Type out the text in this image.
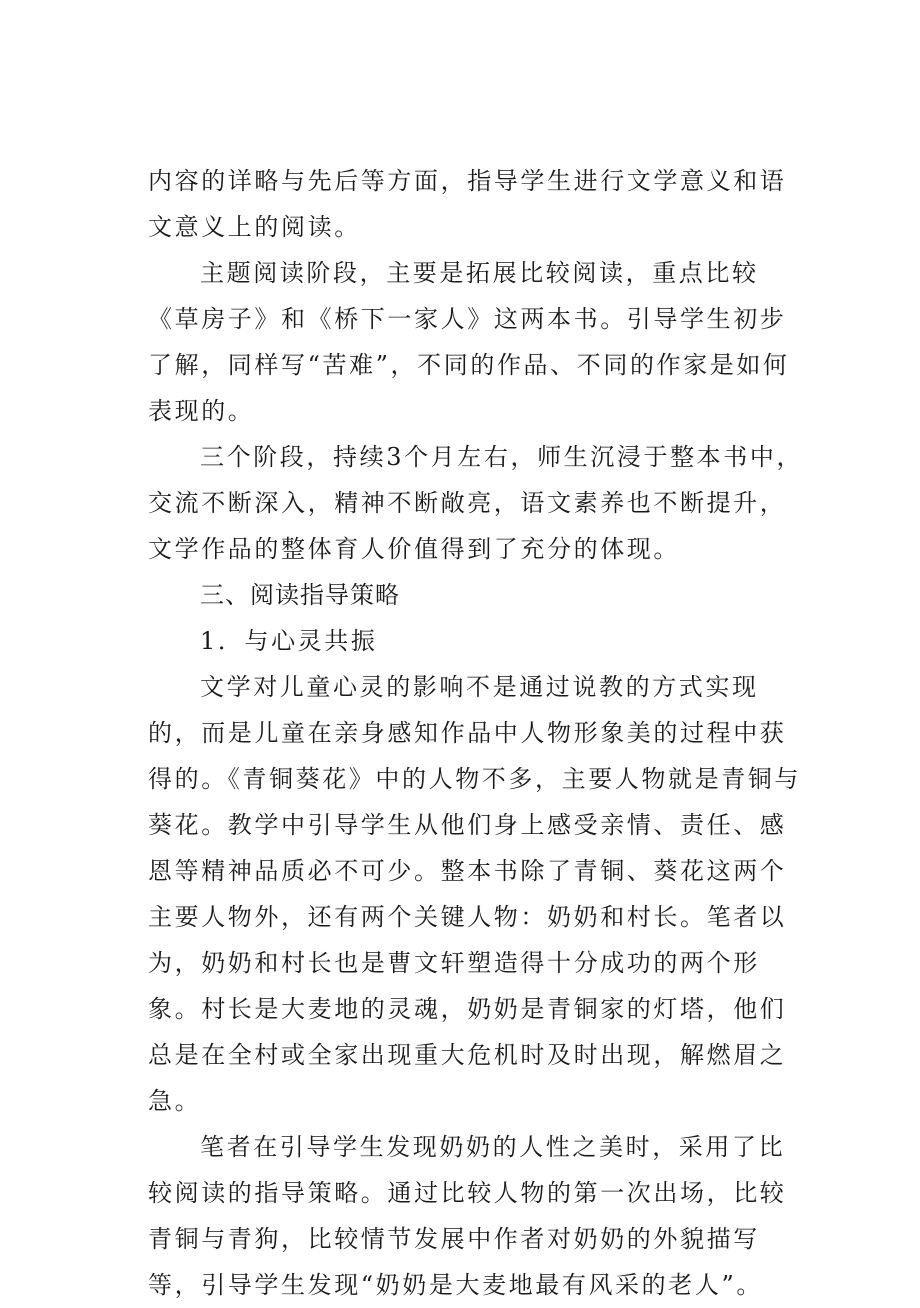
内容的详略与先后等方面，指导学生进行文学意义和语文意义上的阅读。

主题阅读阶段，主要是拓展比较阅读，重点比较《草房子》和《桥下一家人》这两本书。引导学生初步了解，同样写“苦难”，不同的作品、不同的作家是如何表现的。

三个阶段，持续3个月左右，师生沉浸于整本书中，交流不断深入，精神不断敞亮，语文素养也不断提升，文学作品的整体育人价值得到了充分的体现。

三、阅读指导策略

1．与心灵共振

文学对儿童心灵的影响不是通过说教的方式实现的，而是儿童在亲身感知作品中人物形象美的过程中获得的。《青铜葵花》中的人物不多，主要人物就是青铜与葵花。教学中引导学生从他们身上感受亲情、责任、感恩等精神品质必不可少。整本书除了青铜、葵花这两个主要人物外，还有两个关键人物：奶奶和村长。笔者以为，奶奶和村长也是曹文轩塑造得十分成功的两个形象。村长是大麦地的灵魂，奶奶是青铜家的灯塔，他们总是在全村或全家出现重大危机时及时出现，解燃眉之急。

笔者在引导学生发现奶奶的人性之美时，采用了比较阅读的指导策略。通过比较人物的第一次出场，比较青铜与青狗，比较情节发展中作者对奶奶的外貌描写等，引导学生发现“奶奶是大麦地最有风采的老人”。
